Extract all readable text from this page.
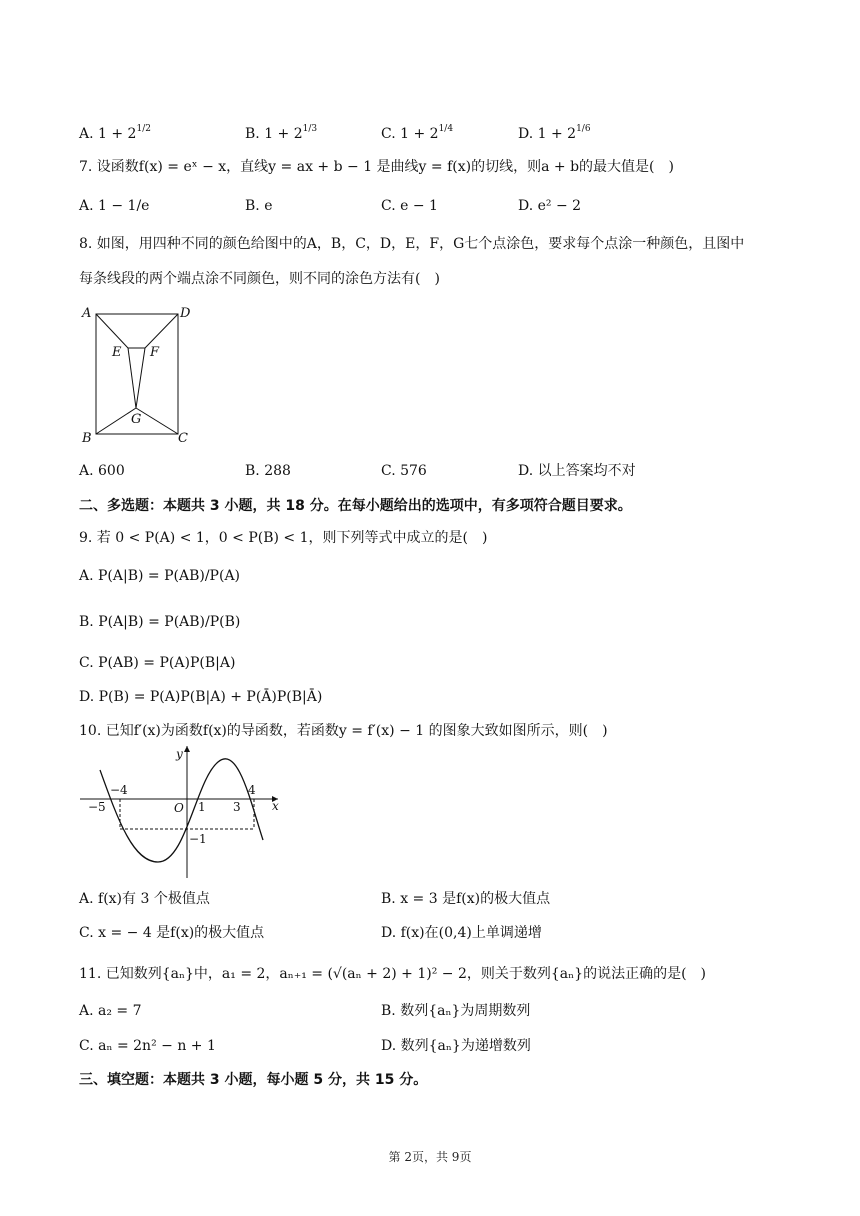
A. $1 + 2^{1/2}$	B. $1 + 2^{1/3}$	C. $1 + 2^{1/4}$	D. $1 + 2^{1/6}$
7. 设函数f(x) = eˣ − x，直线y = ax + b − 1 是曲线y = f(x)的切线，则a + b的最大值是(　)
A. 1 − 1/e	B. e	C. e − 1	D. e² − 2
8. 如图，用四种不同的颜色给图中的A，B，C，D，E，F，G七个点涂色，要求每个点涂一种颜色，且图中
每条线段的两个端点涂不同颜色，则不同的涂色方法有(　)
A	D
E F
G
B	C
A. 600	B. 288	C. 576	D. 以上答案均不对
二、多选题：本题共 3 小题，共 18 分。在每小题给出的选项中，有多项符合题目要求。
9. 若 0 < P(A) < 1，0 < P(B) < 1，则下列等式中成立的是(　)
A. P(A|B) = P(AB)/P(A)
B. P(A|B) = P(AB)/P(B)
C. P(AB) = P(A)P(B|A)
D. P(B) = P(A)P(B|A) + P(Ā)P(B|Ā)
10. 已知f′(x)为函数f(x)的导函数，若函数y = f′(x) − 1 的图象大致如图所示，则(　)
y
x
O
−5
−4
1 3
4
−1
A. f(x)有 3 个极值点	B. x = 3 是f(x)的极大值点
C. x = − 4 是f(x)的极大值点	D. f(x)在(0,4)上单调递增
11. 已知数列{aₙ}中，a₁ = 2，aₙ₊₁ = (√(aₙ + 2) + 1)² − 2，则关于数列{aₙ}的说法正确的是(　)
A. a₂ = 7	B. 数列{aₙ}为周期数列
C. aₙ = 2n² − n + 1	D. 数列{aₙ}为递增数列
三、填空题：本题共 3 小题，每小题 5 分，共 15 分。
第 2页，共 9页
